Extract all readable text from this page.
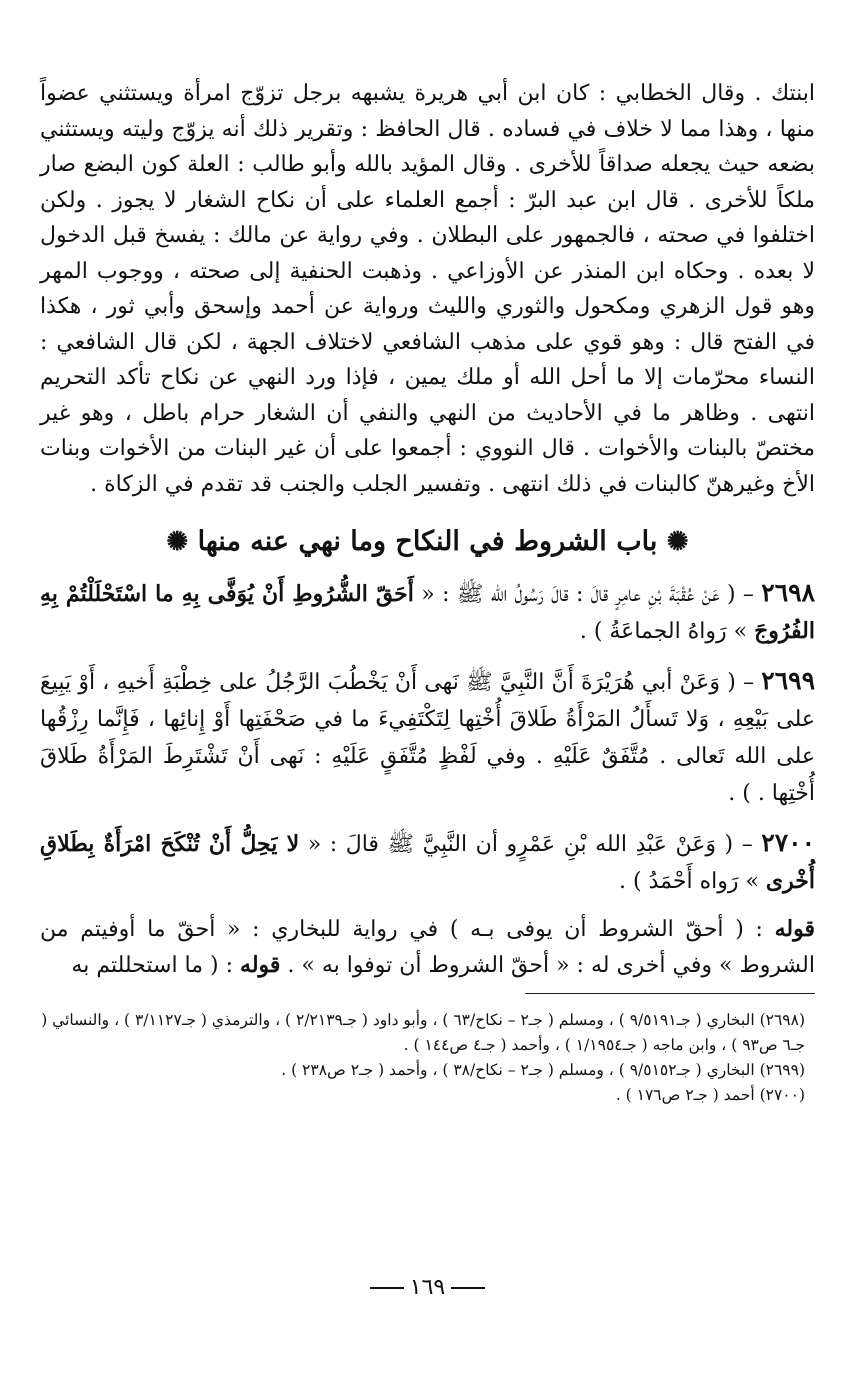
ابنتك . وقال الخطابي : كان ابن أبي هريرة يشبهه برجل تزوّج امرأة ويستثني عضواً منها ، وهذا مما لا خلاف في فساده . قال الحافظ : وتقرير ذلك أنه يزوّج وليته ويستثني بضعه حيث يجعله صداقاً للأخرى . وقال المؤيد بالله وأبو طالب : العلة كون البضع صار ملكاً للأخرى . قال ابن عبد البرّ : أجمع العلماء على أن نكاح الشغار لا يجوز . ولكن اختلفوا في صحته ، فالجمهور على البطلان . وفي رواية عن مالك : يفسخ قبل الدخول لا بعده . وحكاه ابن المنذر عن الأوزاعي . وذهبت الحنفية إلى صحته ، ووجوب المهر وهو قول الزهري ومكحول والثوري والليث ورواية عن أحمد وإسحق وأبي ثور ، هكذا في الفتح قال : وهو قوي على مذهب الشافعي لاختلاف الجهة ، لكن قال الشافعي : النساء محرّمات إلا ما أحل الله أو ملك يمين ، فإذا ورد النهي عن نكاح تأكد التحريم انتهى . وظاهر ما في الأحاديث من النهي والنفي أن الشغار حرام باطل ، وهو غير مختصّ بالبنات والأخوات . قال النووي : أجمعوا على أن غير البنات من الأخوات وبنات الأخ وغيرهنّ كالبنات في ذلك انتهى . وتفسير الجلب والجنب قد تقدم في الزكاة .

✺ باب الشروط في النكاح وما نهي عنه منها ✺

٢٦٩٨ – ( عَنْ عُقْبَةَ بْنِ عامِرٍ قالَ : قالَ رَسُولُ الله ﷺ : « أَحَقّ الشُّرُوطِ أَنْ يُوَفَّى بِهِ ما اسْتَحْلَلْتُمْ بِهِ الفُرُوجَ » رَواهُ الجماعَةُ ) .

٢٦٩٩ – ( وَعَنْ أبي هُرَيْرَةَ أَنَّ النَّبِيَّ ﷺ نَهى أَنْ يَخْطُبَ الرَّجُلُ على خِطْبَةِ أَخيهِ ، أَوْ يَبِيعَ على بَيْعِهِ ، وَلا تَسأَلُ المَرْأَةُ طَلاقَ أُخْتِها لِتَكْتَفِيءَ ما في صَحْفَتِها أَوْ إِنائِها ، فَإِنَّما رِزْقُها على الله تَعالى . مُتَّفَقٌ عَلَيْهِ . وفي لَفْظٍ مُتَّفَقٍ عَلَيْهِ : نَهى أَنْ تَشْتَرِطَ المَرْأَةُ طَلاقَ أُخْتِها . ) .

٢٧٠٠ – ( وَعَنْ عَبْدِ الله بْنِ عَمْرٍو أن النَّبِيَّ ﷺ قالَ : « لا يَحِلُّ أَنْ تُنْكَحَ امْرَأَةٌ بِطَلاقِ أُخْرى » رَواه أَحْمَدُ ) .

قوله : ( أحقّ الشروط أن يوفى بـه ) في رواية للبخاري : « أحقّ ما أوفيتم من الشروط » وفي أخرى له : « أحقّ الشروط أن توفوا به » . قوله : ( ما استحللتم به

(٢٦٩٨) البخاري ( جـ٩/٥١٩١ ) ، ومسلم ( جـ٢ – نكاح/٦٣ ) ، وأبو داود ( جـ٢/٢١٣٩ ) ، والترمذي ( جـ٣/١١٢٧ ) ، والنسائي ( جـ٦ ص٩٣ ) ، وابن ماجه ( جـ١/١٩٥٤ ) ، وأحمد ( جـ٤ ص١٤٤ ) .

(٢٦٩٩) البخاري ( جـ٩/٥١٥٢ ) ، ومسلم ( جـ٢ – نكاح/٣٨ ) ، وأحمد ( جـ٢ ص٢٣٨ ) .

(٢٧٠٠) أحمد ( جـ٢ ص١٧٦ ) .

١٦٩
